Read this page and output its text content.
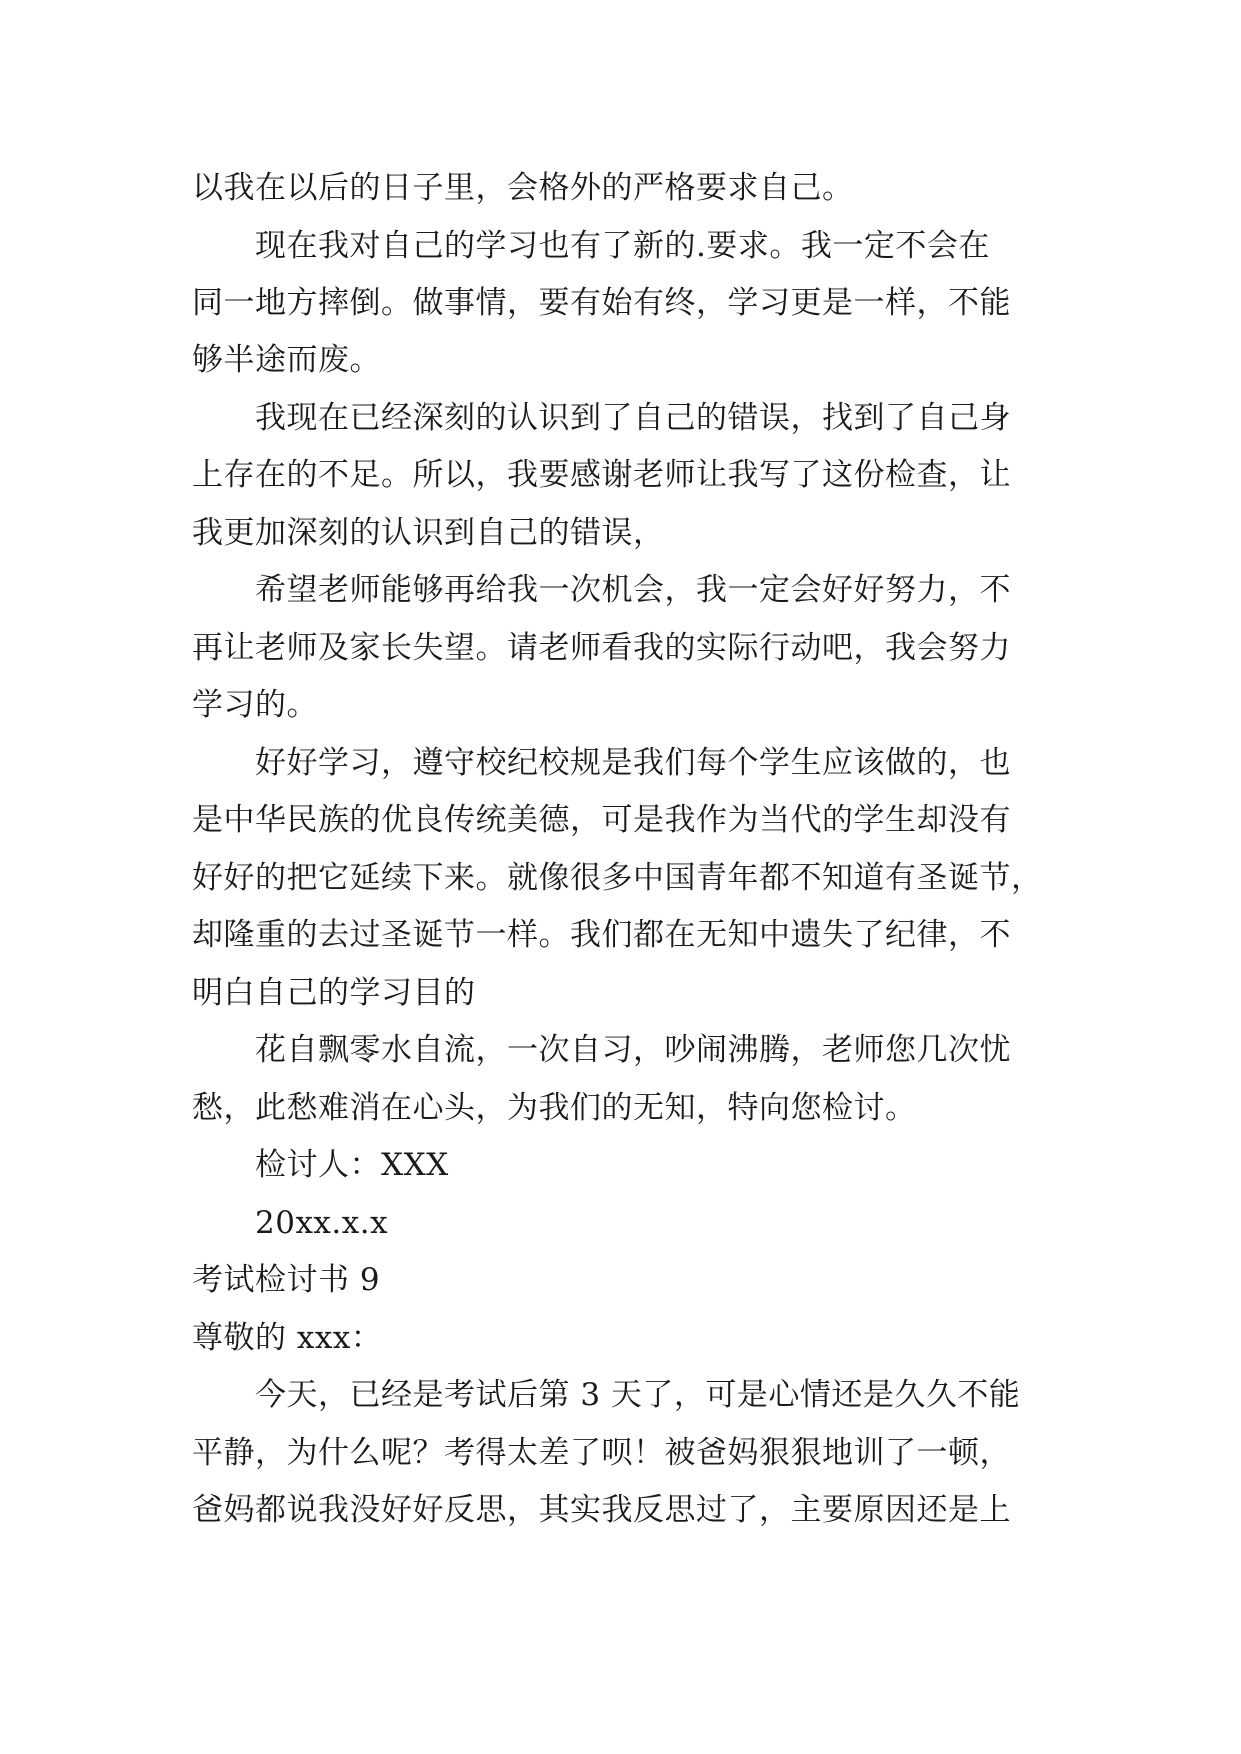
以我在以后的日子里，会格外的严格要求自己。
现在我对自己的学习也有了新的.要求。我一定不会在
同一地方摔倒。做事情，要有始有终，学习更是一样，不能
够半途而废。
我现在已经深刻的认识到了自己的错误，找到了自己身
上存在的不足。所以，我要感谢老师让我写了这份检查，让
我更加深刻的认识到自己的错误，
希望老师能够再给我一次机会，我一定会好好努力，不
再让老师及家长失望。请老师看我的实际行动吧，我会努力
学习的。
好好学习，遵守校纪校规是我们每个学生应该做的，也
是中华民族的优良传统美德，可是我作为当代的学生却没有
好好的把它延续下来。就像很多中国青年都不知道有圣诞节，
却隆重的去过圣诞节一样。我们都在无知中遗失了纪律，不
明白自己的学习目的
花自飘零水自流，一次自习，吵闹沸腾，老师您几次忧
愁，此愁难消在心头，为我们的无知，特向您检讨。
检讨人：XXX
20xx.x.x
考试检讨书 9
尊敬的 xxx：
今天，已经是考试后第 3 天了，可是心情还是久久不能
平静，为什么呢？考得太差了呗！被爸妈狠狠地训了一顿，
爸妈都说我没好好反思，其实我反思过了，主要原因还是上
